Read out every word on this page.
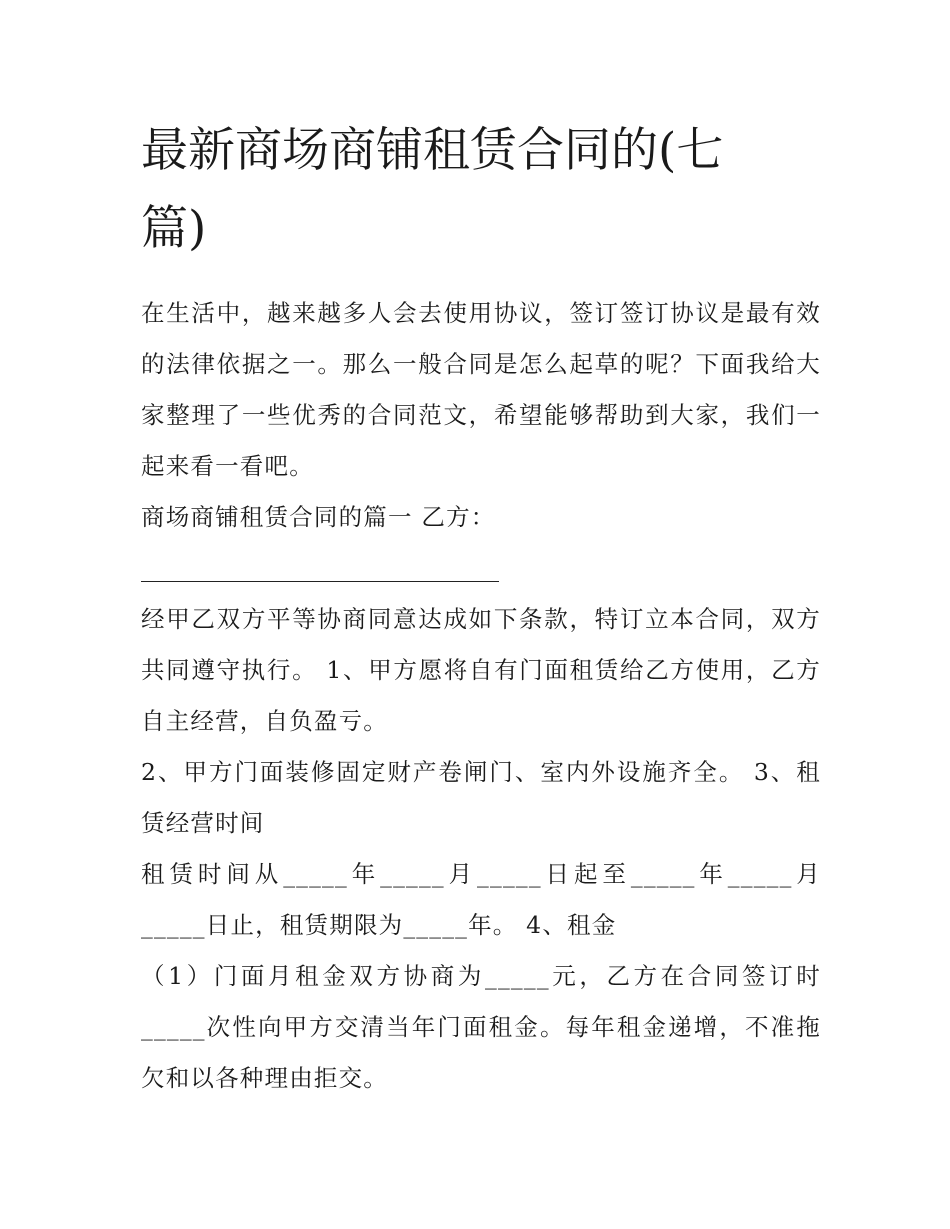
最新商场商铺租赁合同的(七篇)

在生活中，越来越多人会去使用协议，签订签订协议是最有效的法律依据之一。那么一般合同是怎么起草的呢？下面我给大家整理了一些优秀的合同范文，希望能够帮助到大家，我们一起来看一看吧。

商场商铺租赁合同的篇一 乙方：

经甲乙双方平等协商同意达成如下条款，特订立本合同，双方共同遵守执行。 1、甲方愿将自有门面租赁给乙方使用，乙方自主经营，自负盈亏。

2、甲方门面装修固定财产卷闸门、室内外设施齐全。 3、租赁经营时间

租赁时间从_____年_____月_____日起至_____年_____月_____日止，租赁期限为_____年。 4、租金

（1）门面月租金双方协商为_____元，乙方在合同签订时_____次性向甲方交清当年门面租金。每年租金递增，不准拖欠和以各种理由拒交。
